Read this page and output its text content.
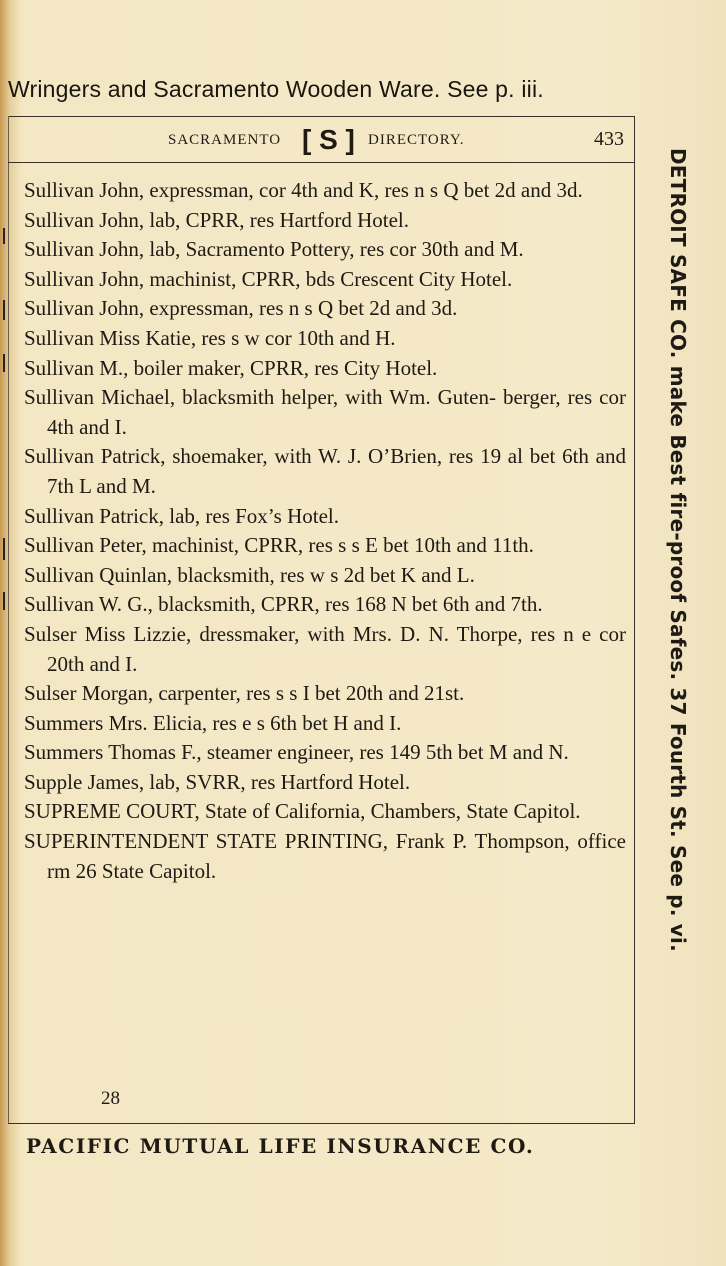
Wringers and Sacramento Wooden Ware. See p. iii.
SACRAMENTO [ S ] DIRECTORY.	433
Sullivan John, expressman, cor 4th and K, res n s Q bet 2d and 3d.
Sullivan John, lab, CPRR, res Hartford Hotel.
Sullivan John, lab, Sacramento Pottery, res cor 30th and M.
Sullivan John, machinist, CPRR, bds Crescent City Hotel.
Sullivan John, expressman, res n s Q bet 2d and 3d.
Sullivan Miss Katie, res s w cor 10th and H.
Sullivan M., boiler maker, CPRR, res City Hotel.
Sullivan Michael, blacksmith helper, with Wm. Guten- berger, res cor 4th and I.
Sullivan Patrick, shoemaker, with W. J. O’Brien, res 19 al bet 6th and 7th L and M.
Sullivan Patrick, lab, res Fox’s Hotel.
Sullivan Peter, machinist, CPRR, res s s E bet 10th and 11th.
Sullivan Quinlan, blacksmith, res w s 2d bet K and L.
Sullivan W. G., blacksmith, CPRR, res 168 N bet 6th and 7th.
Sulser Miss Lizzie, dressmaker, with Mrs. D. N. Thorpe, res n e cor 20th and I.
Sulser Morgan, carpenter, res s s I bet 20th and 21st.
Summers Mrs. Elicia, res e s 6th bet H and I.
Summers Thomas F., steamer engineer, res 149 5th bet M and N.
Supple James, lab, SVRR, res Hartford Hotel.
SUPREME COURT, State of California, Chambers, State Capitol.
SUPERINTENDENT STATE PRINTING, Frank P. Thompson, office rm 26 State Capitol.
28
PACIFIC MUTUAL LIFE INSURANCE CO.
DETROIT SAFE CO. make Best fire-proof Safes. 37 Fourth St. See p. vi.
